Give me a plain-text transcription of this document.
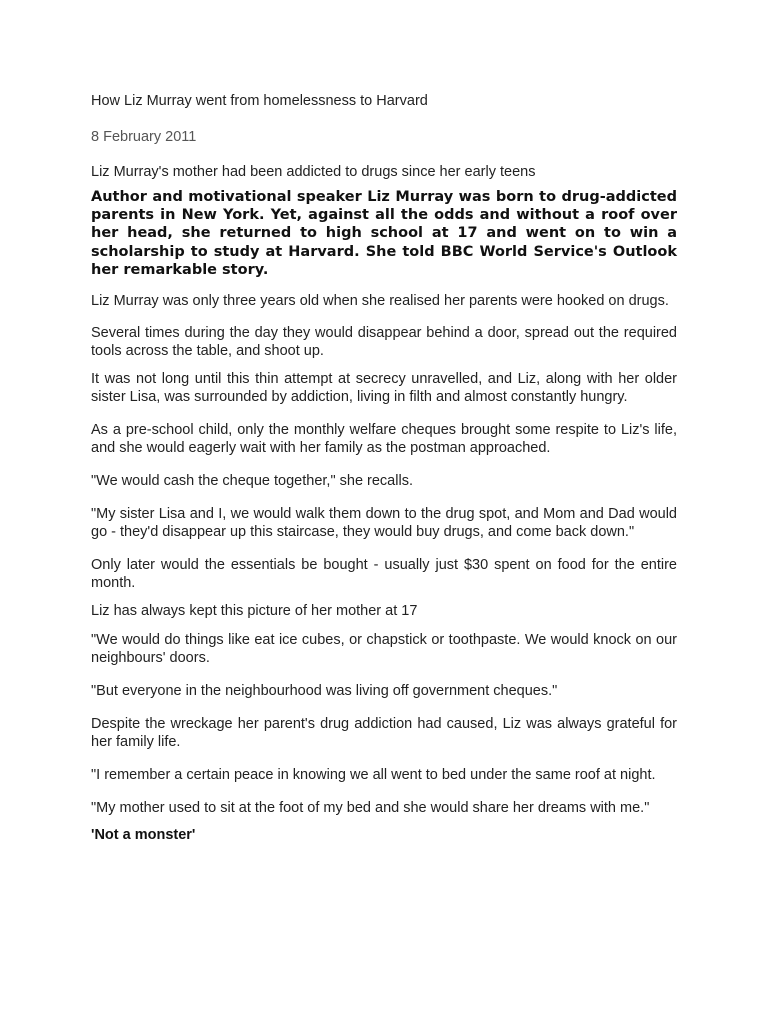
How Liz Murray went from homelessness to Harvard
8 February 2011
Liz Murray's mother had been addicted to drugs since her early teens

Author and motivational speaker Liz Murray was born to drug-addicted parents in New York. Yet, against all the odds and without a roof over her head, she returned to high school at 17 and went on to win a scholarship to study at Harvard. She told BBC World Service's Outlook her remarkable story.

Liz Murray was only three years old when she realised her parents were hooked on drugs.

Several times during the day they would disappear behind a door, spread out the required tools across the table, and shoot up.

It was not long until this thin attempt at secrecy unravelled, and Liz, along with her older sister Lisa, was surrounded by addiction, living in filth and almost constantly hungry.

As a pre-school child, only the monthly welfare cheques brought some respite to Liz's life, and she would eagerly wait with her family as the postman approached.

"We would cash the cheque together," she recalls.

"My sister Lisa and I, we would walk them down to the drug spot, and Mom and Dad would go - they'd disappear up this staircase, they would buy drugs, and come back down."

Only later would the essentials be bought - usually just $30 spent on food for the entire month.

Liz has always kept this picture of her mother at 17

"We would do things like eat ice cubes, or chapstick or toothpaste. We would knock on our neighbours' doors.

"But everyone in the neighbourhood was living off government cheques."

Despite the wreckage her parent's drug addiction had caused, Liz was always grateful for her family life.

"I remember a certain peace in knowing we all went to bed under the same roof at night.

"My mother used to sit at the foot of my bed and she would share her dreams with me."

'Not a monster'
